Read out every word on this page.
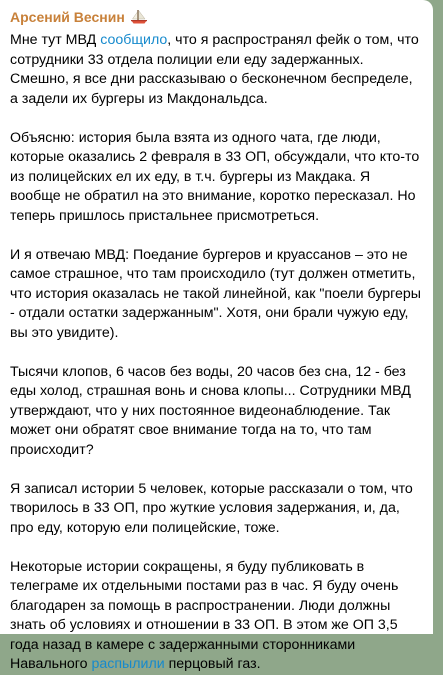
Арсений Веснин

Мне тут МВД сообщило, что я распространял фейк о том, что сотрудники 33 отдела полиции ели еду задержанных. Смешно, я все дни рассказываю о бесконечном беспределе, а задели их бургеры из Макдональдса.

Объясню: история была взята из одного чата, где люди, которые оказались 2 февраля в 33 ОП, обсуждали, что кто-то из полицейских ел их еду, в т.ч. бургеры из Макдака. Я вообще не обратил на это внимание, коротко пересказал. Но теперь пришлось пристальнее присмотреться.

И я отвечаю МВД: Поедание бургеров и круассанов – это не самое страшное, что там происходило (тут должен отметить, что история оказалась не такой линейной, как "поели бургеры - отдали остатки задержанным". Хотя, они брали чужую еду, вы это увидите).

Тысячи клопов, 6 часов без воды, 20 часов без сна, 12 - без еды холод, страшная вонь и снова клопы... Сотрудники МВД утверждают, что у них постоянное видеонаблюдение. Так может они обратят свое внимание тогда на то, что там происходит?

Я записал истории 5 человек, которые рассказали о том, что творилось в 33 ОП, про жуткие условия задержания, и, да, про еду, которую ели полицейские, тоже.

Некоторые истории сокращены, я буду публиковать в телеграме их отдельными постами раз в час. Я буду очень благодарен за помощь в распространении. Люди должны знать об условиях и отношении в 33 ОП. В этом же ОП 3,5 года назад в камере с задержанными сторонниками Навального распылили перцовый газ.
